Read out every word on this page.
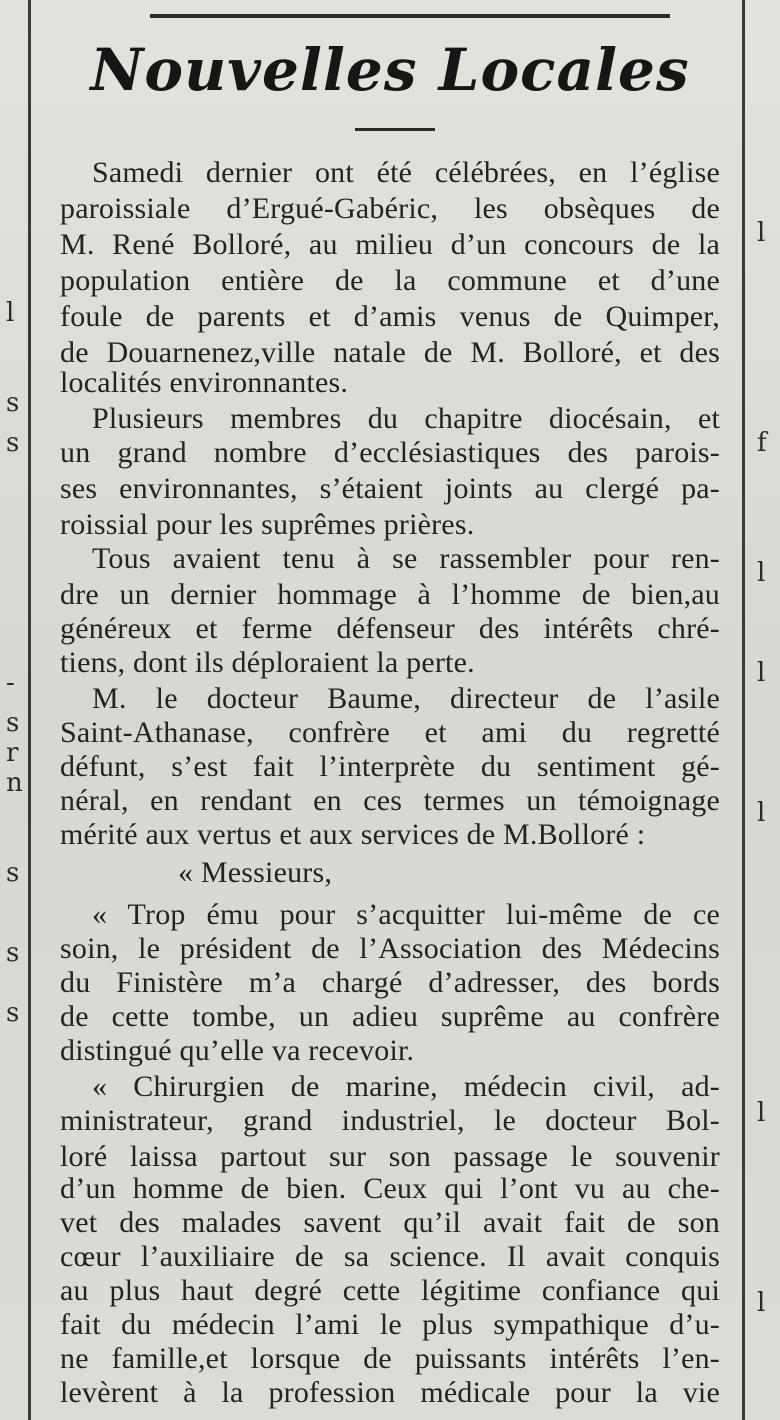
l
s
s
-
s
r
n
s
s
s
l
f
l
l
l
l
l
Nouvelles Locales
Samedi dernier ont été célébrées, en l’église
paroissiale d’Ergué-Gabéric, les obsèques de
M. René Bolloré, au milieu d’un concours de la
population entière de la commune et d’une
foule de parents et d’amis venus de Quimper,
de Douarnenez,ville natale de M. Bolloré, et des
localités environnantes.
Plusieurs membres du chapitre diocésain, et
un grand nombre d’ecclésiastiques des parois-
ses environnantes, s’étaient joints au clergé pa-
roissial pour les suprêmes prières.
Tous avaient tenu à se rassembler pour ren-
dre un dernier hommage à l’homme de bien,au
généreux et ferme défenseur des intérêts chré-
tiens, dont ils déploraient la perte.
M. le docteur Baume, directeur de l’asile
Saint-Athanase, confrère et ami du regretté
défunt, s’est fait l’interprète du sentiment gé-
néral, en rendant en ces termes un témoignage
mérité aux vertus et aux services de M.Bolloré :
« Messieurs,
« Trop ému pour s’acquitter lui-même de ce
soin, le président de l’Association des Médecins
du Finistère m’a chargé d’adresser, des bords
de cette tombe, un adieu suprême au confrère
distingué qu’elle va recevoir.
« Chirurgien de marine, médecin civil, ad-
ministrateur, grand industriel, le docteur Bol-
loré laissa partout sur son passage le souvenir
d’un homme de bien. Ceux qui l’ont vu au che-
vet des malades savent qu’il avait fait de son
cœur l’auxiliaire de sa science. Il avait conquis
au plus haut degré cette légitime confiance qui
fait du médecin l’ami le plus sympathique d’u-
ne famille,et lorsque de puissants intérêts l’en-
levèrent à la profession médicale pour la vie
